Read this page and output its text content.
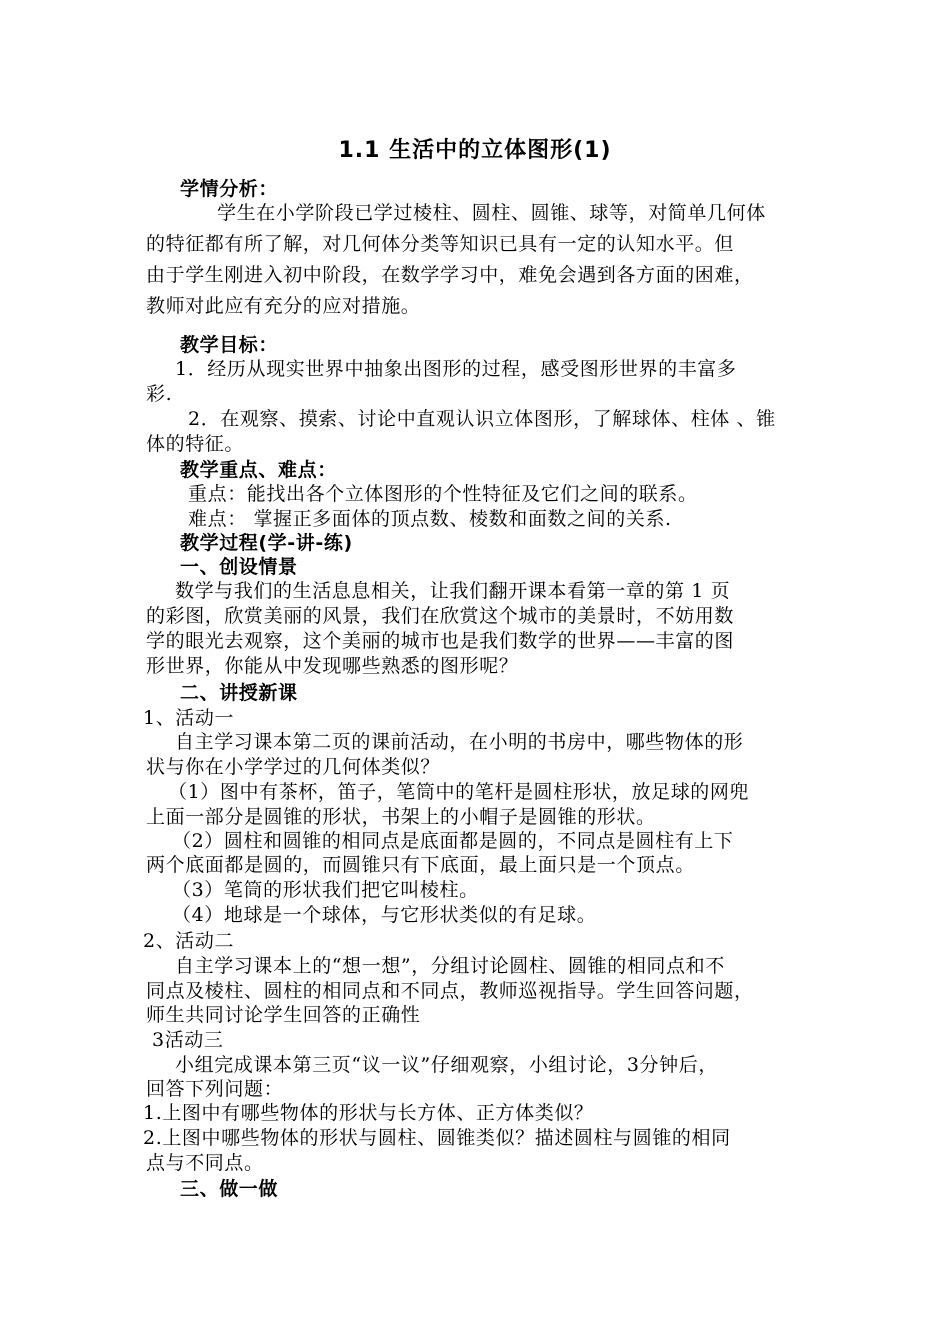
1.1 生活中的立体图形(1)
学情分析：
学生在小学阶段已学过棱柱、圆柱、圆锥、球等，对简单几何体
的特征都有所了解，对几何体分类等知识已具有一定的认知水平。但
由于学生刚进入初中阶段，在数学学习中，难免会遇到各方面的困难，
教师对此应有充分的应对措施。
教学目标：
1．经历从现实世界中抽象出图形的过程，感受图形世界的丰富多
彩.
2．在观察、摸索、讨论中直观认识立体图形，了解球体、柱体 、锥
体的特征。
教学重点、难点：
重点：能找出各个立体图形的个性特征及它们之间的联系。
难点： 掌握正多面体的顶点数、棱数和面数之间的关系.
教学过程(学-讲-练)
一、创设情景
数学与我们的生活息息相关，让我们翻开课本看第一章的第 1 页
的彩图，欣赏美丽的风景，我们在欣赏这个城市的美景时，不妨用数
学的眼光去观察，这个美丽的城市也是我们数学的世界——丰富的图
形世界，你能从中发现哪些熟悉的图形呢？
二、讲授新课
1、活动一
自主学习课本第二页的课前活动，在小明的书房中，哪些物体的形
状与你在小学学过的几何体类似？
（1）图中有茶杯，笛子，笔筒中的笔杆是圆柱形状，放足球的网兜
上面一部分是圆锥的形状，书架上的小帽子是圆锥的形状。
（2）圆柱和圆锥的相同点是底面都是圆的，不同点是圆柱有上下
两个底面都是圆的，而圆锥只有下底面，最上面只是一个顶点。
（3）笔筒的形状我们把它叫棱柱。
（4）地球是一个球体，与它形状类似的有足球。
2、活动二
自主学习课本上的“想一想”，分组讨论圆柱、圆锥的相同点和不
同点及棱柱、圆柱的相同点和不同点，教师巡视指导。学生回答问题，
师生共同讨论学生回答的正确性
3活动三
小组完成课本第三页“议一议”仔细观察，小组讨论，3分钟后，
回答下列问题：
1.上图中有哪些物体的形状与长方体、正方体类似？
2.上图中哪些物体的形状与圆柱、圆锥类似？描述圆柱与圆锥的相同
点与不同点。
三、做一做
